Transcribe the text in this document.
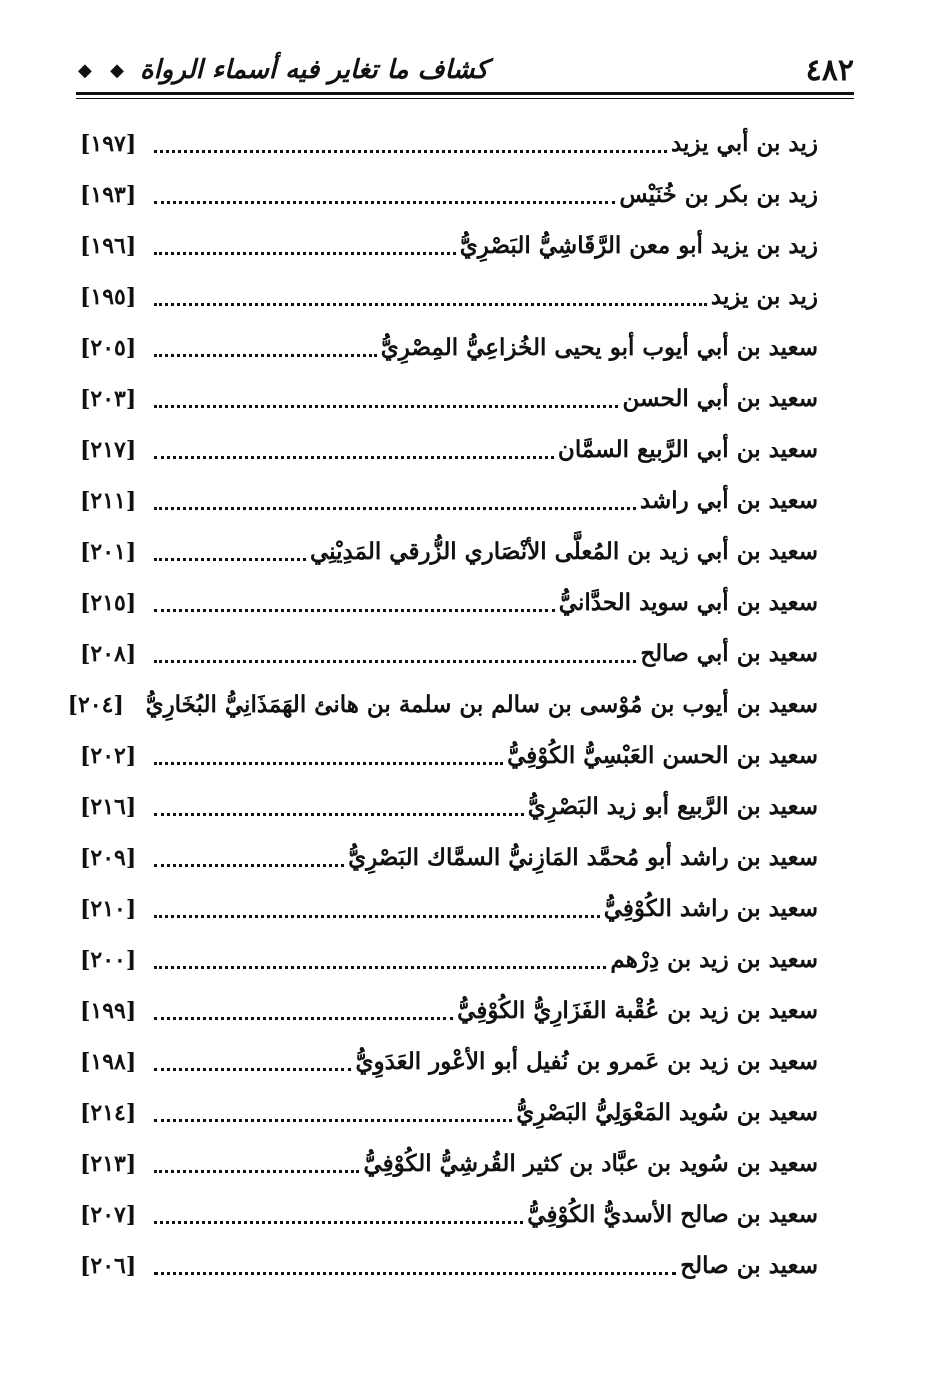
٤٨٢
كشاف ما تغاير فيه أسماء الرواة
◆ ◆
زيد بن أبي يزيد
[١٩٧]
زيد بن بكر بن خُنَيْس
[١٩٣]
زيد بن يزيد أبو معن الرَّقَاشِيُّ البَصْرِيُّ
[١٩٦]
زيد بن يزيد
[١٩٥]
سعيد بن أبي أيوب أبو يحيى الخُزاعِيُّ المِصْرِيُّ
[٢٠٥]
سعيد بن أبي الحسن
[٢٠٣]
سعيد بن أبي الرَّبيع السمَّان
[٢١٧]
سعيد بن أبي راشد
[٢١١]
سعيد بن أبي زيد بن المُعلَّى الأنْصَاري الزُّرقي المَدِيْنِي
[٢٠١]
سعيد بن أبي سويد الحدَّانيُّ
[٢١٥]
سعيد بن أبي صالح
[٢٠٨]
سعيد بن أيوب بن مُوْسى بن سالم بن سلمة بن هانئ الهَمَذَانِيُّ البُخَارِيُّ
[٢٠٤]
سعيد بن الحسن العَبْسِيُّ الكُوْفِيُّ
[٢٠٢]
سعيد بن الرَّبيع أبو زيد البَصْرِيُّ
[٢١٦]
سعيد بن راشد أبو مُحمَّد المَازِنيُّ السمَّاك البَصْرِيُّ
[٢٠٩]
سعيد بن راشد الكُوْفِيُّ
[٢١٠]
سعيد بن زيد بن دِرْهم
[٢٠٠]
سعيد بن زيد بن عُقْبة الفَزَارِيُّ الكُوْفِيُّ
[١٩٩]
سعيد بن زيد بن عَمرو بن نُفيل أبو الأعْور العَدَوِيُّ
[١٩٨]
سعيد بن سُويد المَعْوَلِيُّ البَصْرِيُّ
[٢١٤]
سعيد بن سُويد بن عبَّاد بن كثير القُرشِيُّ الكُوْفِيُّ
[٢١٣]
سعيد بن صالح الأسديُّ الكُوْفِيُّ
[٢٠٧]
سعيد بن صالح
[٢٠٦]
